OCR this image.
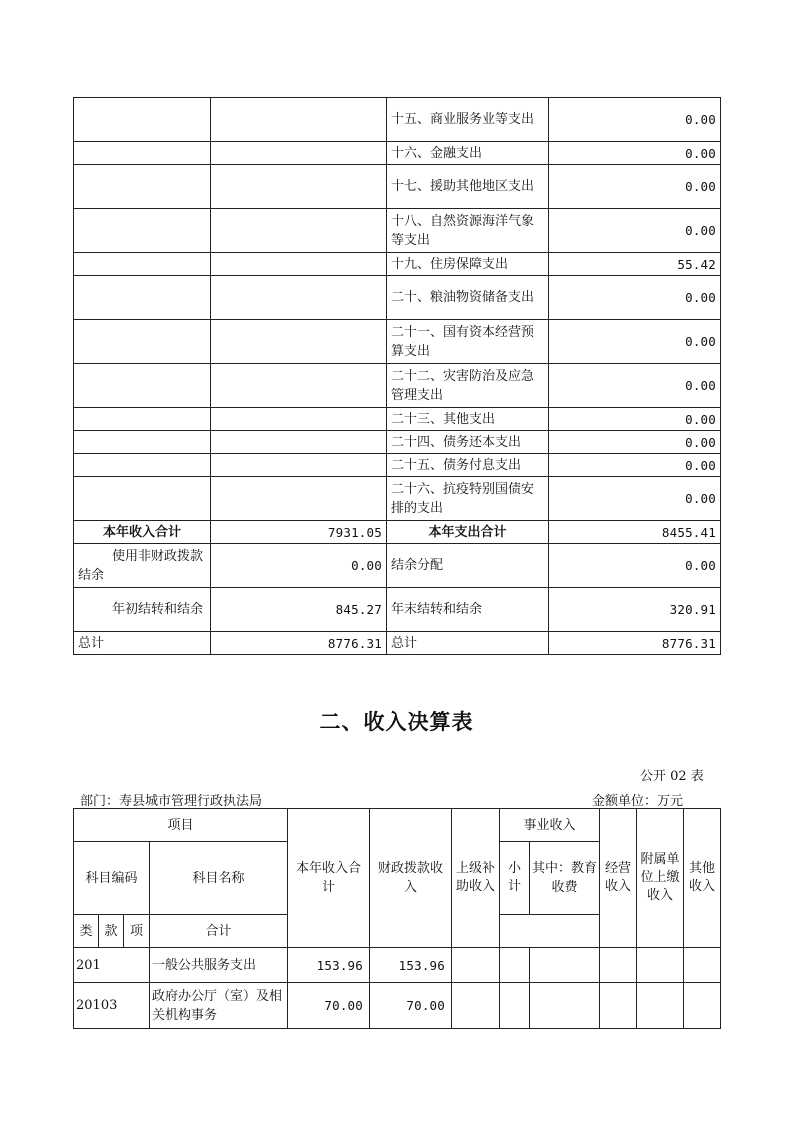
		十五、商业服务业等支出	0.00
		十六、金融支出	0.00
		十七、援助其他地区支出	0.00
		十八、自然资源海洋气象等支出	0.00
		十九、住房保障支出	55.42
		二十、粮油物资储备支出	0.00
		二十一、国有资本经营预算支出	0.00
		二十二、灾害防治及应急管理支出	0.00
		二十三、其他支出	0.00
		二十四、债务还本支出	0.00
		二十五、债务付息支出	0.00
		二十六、抗疫特别国债安排的支出	0.00
本年收入合计	7931.05	本年支出合计	8455.41
使用非财政拨款结余	0.00	结余分配	0.00
年初结转和结余	845.27	年末结转和结余	320.91
总计	8776.31	总计	8776.31
二、收入决算表
公开 02 表
部门：寿县城市管理行政执法局	金额单位：万元
项目				本年收入合计	财政拨款收入	上级补助收入	事业收入		经营收入	附属单位上缴收入	其他收入
科目编码			科目名称				小计	其中：教育收费			
类	款	项	合计								
201			一般公共服务支出	153.96	153.96						
20103			政府办公厅（室）及相关机构事务	70.00	70.00						
